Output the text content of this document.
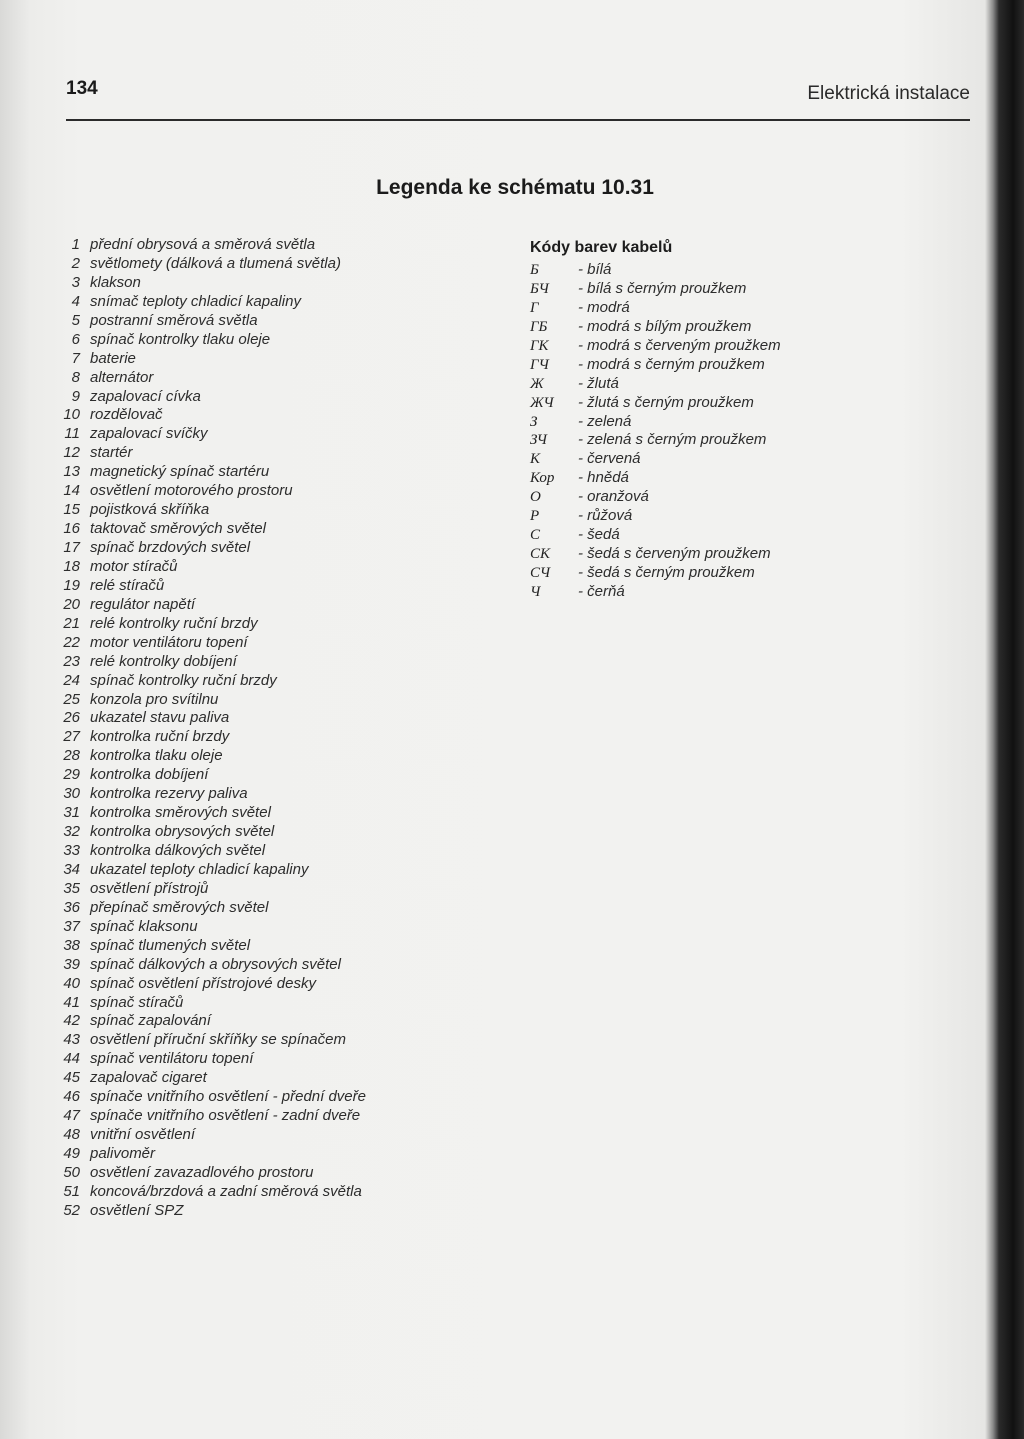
134	Elektrická instalace
Legenda ke schématu 10.31
1 přední obrysová a směrová světla
2 světlomety (dálková a tlumená světla)
3 klakson
4 snímač teploty chladicí kapaliny
5 postranní směrová světla
6 spínač kontrolky tlaku oleje
7 baterie
8 alternátor
9 zapalovací cívka
10 rozdělovač
11 zapalovací svíčky
12 startér
13 magnetický spínač startéru
14 osvětlení motorového prostoru
15 pojistková skříňka
16 taktovač směrových světel
17 spínač brzdových světel
18 motor stíračů
19 relé stíračů
20 regulátor napětí
21 relé kontrolky ruční brzdy
22 motor ventilátoru topení
23 relé kontrolky dobíjení
24 spínač kontrolky ruční brzdy
25 konzola pro svítilnu
26 ukazatel stavu paliva
27 kontrolka ruční brzdy
28 kontrolka tlaku oleje
29 kontrolka dobíjení
30 kontrolka rezervy paliva
31 kontrolka směrových světel
32 kontrolka obrysových světel
33 kontrolka dálkových světel
34 ukazatel teploty chladicí kapaliny
35 osvětlení přístrojů
36 přepínač směrových světel
37 spínač klaksonu
38 spínač tlumených světel
39 spínač dálkových a obrysových světel
40 spínač osvětlení přístrojové desky
41 spínač stíračů
42 spínač zapalování
43 osvětlení příruční skříňky se spínačem
44 spínač ventilátoru topení
45 zapalovač cigaret
46 spínače vnitřního osvětlení - přední dveře
47 spínače vnitřního osvětlení - zadní dveře
48 vnitřní osvětlení
49 palivoměr
50 osvětlení zavazadlového prostoru
51 koncová/brzdová a zadní směrová světla
52 osvětlení SPZ
Kódy barev kabelů
Б	- bílá
БЧ - bílá s černým proužkem
Г	- modrá
ГБ - modrá s bílým proužkem
ГК - modrá s červeným proužkem
ГЧ - modrá s černým proužkem
Ж - žlutá
ЖЧ - žlutá s černým proužkem
З	- zelená
ЗЧ - zelená s černým proužkem
К	- červená
Кор - hnědá
О - oranžová
Р	- růžová
С	- šedá
СК - šedá s červeným proužkem
СЧ - šedá s černým proužkem
Ч	- čerňá
